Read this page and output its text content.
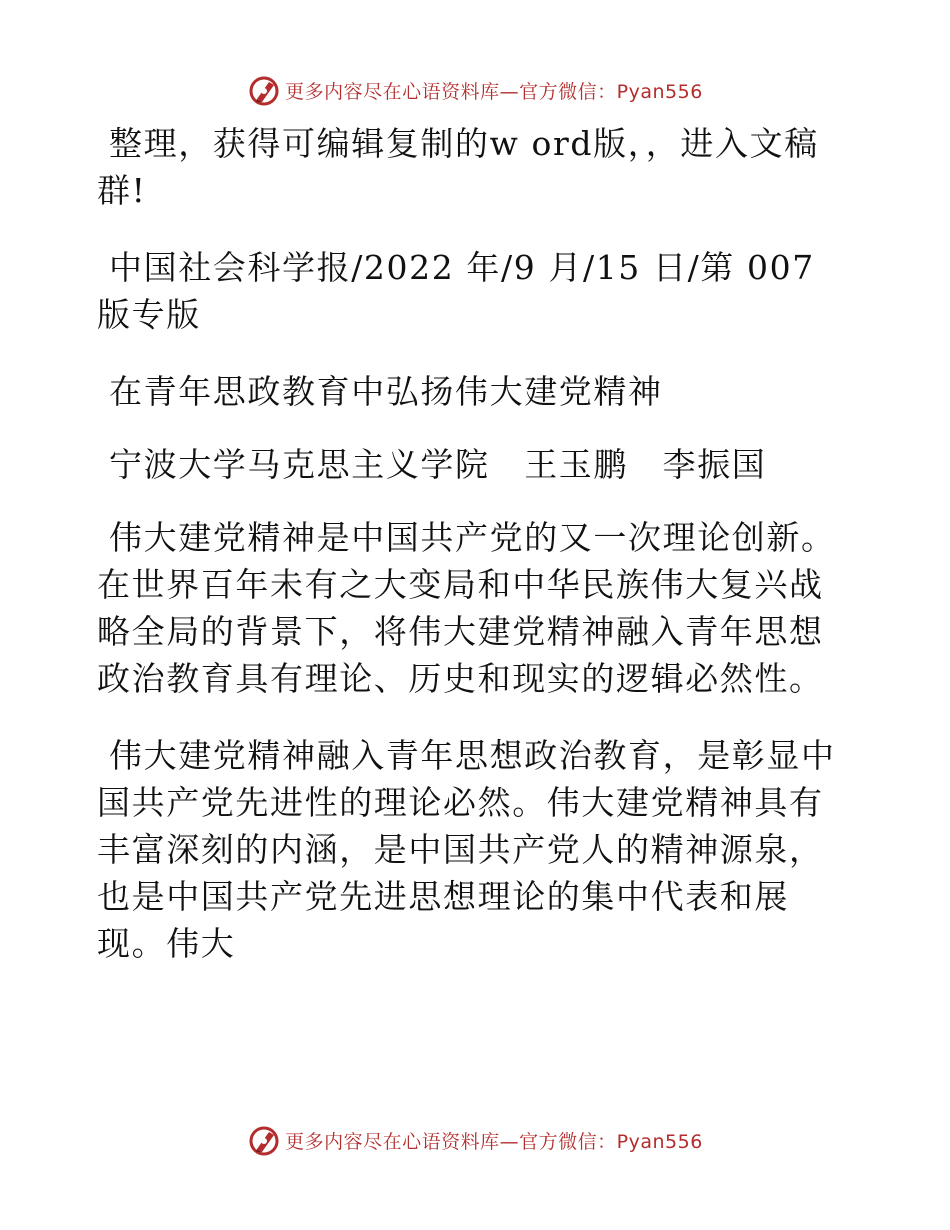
更多内容尽在心语资料库—官方微信：Pyan556

整理，获得可编辑复制的w ord版，，进入文稿群!

中国社会科学报/2022 年/9 月/15 日/第 007 版专版

在青年思政教育中弘扬伟大建党精神

宁波大学马克思主义学院　王玉鹏　李振国

伟大建党精神是中国共产党的又一次理论创新。在世界百年未有之大变局和中华民族伟大复兴战略全局的背景下，将伟大建党精神融入青年思想政治教育具有理论、历史和现实的逻辑必然性。

伟大建党精神融入青年思想政治教育，是彰显中国共产党先进性的理论必然。伟大建党精神具有丰富深刻的内涵，是中国共产党人的精神源泉，也是中国共产党先进思想理论的集中代表和展现。伟大

更多内容尽在心语资料库—官方微信：Pyan556
